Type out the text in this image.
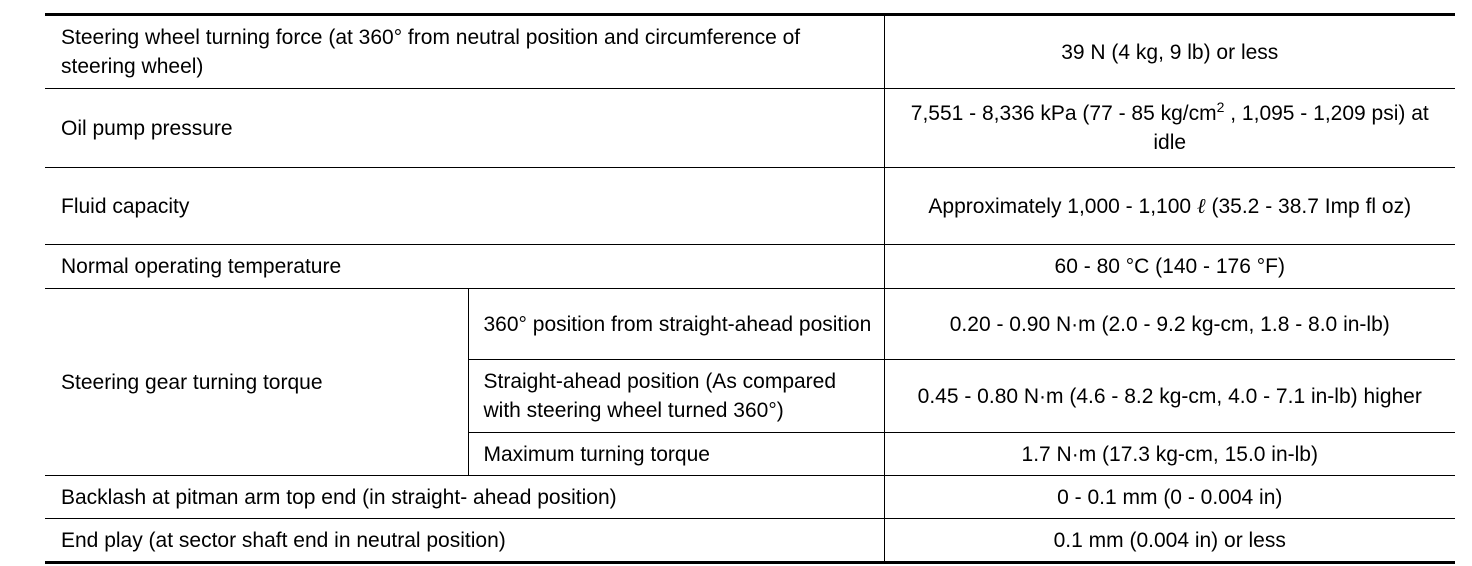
Steering wheel turning force (at 360° from neutral position and circumference of steering wheel)		39 N (4 kg, 9 lb) or less
Oil pump pressure		7,551 - 8,336 kPa (77 - 85 $kg/cm^2$ , 1,095 - 1,209 psi) at idle
Fluid capacity		Approximately 1,000 - 1,100 ℓ (35.2 - 38.7 Imp fl oz)
Normal operating temperature		60 - 80 °C (140 - 176 °F)
Steering gear turning torque	360° position from straight-ahead position	0.20 - 0.90 N·m (2.0 - 9.2 kg-cm, 1.8 - 8.0 in-lb)
	Straight-ahead position (As compared with steering wheel turned 360°)	0.45 - 0.80 N·m (4.6 - 8.2 kg-cm, 4.0 - 7.1 in-lb) higher
	Maximum turning torque	1.7 N·m (17.3 kg-cm, 15.0 in-lb)
Backlash at pitman arm top end (in straight- ahead position)		0 - 0.1 mm (0 - 0.004 in)
End play (at sector shaft end in neutral position)		0.1 mm (0.004 in) or less
